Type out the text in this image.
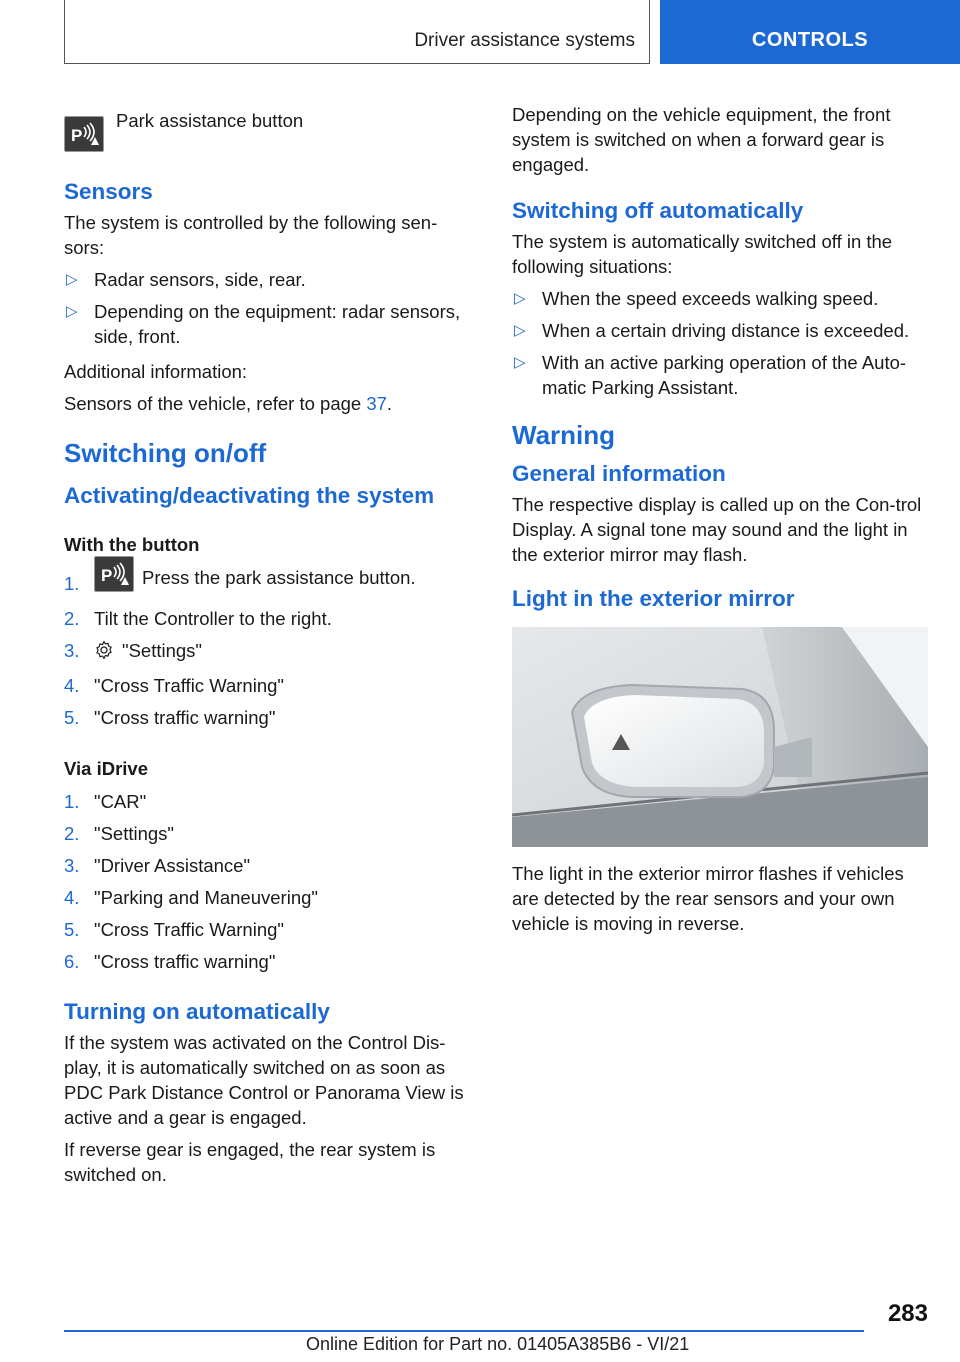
Driver assistance systems	CONTROLS
P

Park assistance button

Sensors

The system is controlled by the following sen-sors:

▷ Radar sensors, side, rear.
▷ Depending on the equipment: radar sensors, side, front.

Additional information:

Sensors of the vehicle, refer to page 37.

Switching on/off
Activating/deactivating the system
With the button
1. P Press the park assistance button.
2. Tilt the Controller to the right.
3. "Settings"
4. "Cross Traffic Warning"
5. "Cross traffic warning"
Via iDrive
1. "CAR"
2. "Settings"
3. "Driver Assistance"
4. "Parking and Maneuvering"
5. "Cross Traffic Warning"
6. "Cross traffic warning"
Turning on automatically

If the system was activated on the Control Dis-play, it is automatically switched on as soon as PDC Park Distance Control or Panorama View is active and a gear is engaged.

If reverse gear is engaged, the rear system is switched on.

Depending on the vehicle equipment, the front system is switched on when a forward gear is engaged.

Switching off automatically

The system is automatically switched off in the following situations:

▷ When the speed exceeds walking speed.
▷ When a certain driving distance is exceeded.
▷ With an active parking operation of the Auto-matic Parking Assistant.
Warning
General information

The respective display is called up on the Con-trol Display. A signal tone may sound and the light in the exterior mirror may flash.

Light in the exterior mirror

The light in the exterior mirror flashes if vehicles are detected by the rear sensors and your own vehicle is moving in reverse.

283
Online Edition for Part no. 01405A385B6 - VI/21
